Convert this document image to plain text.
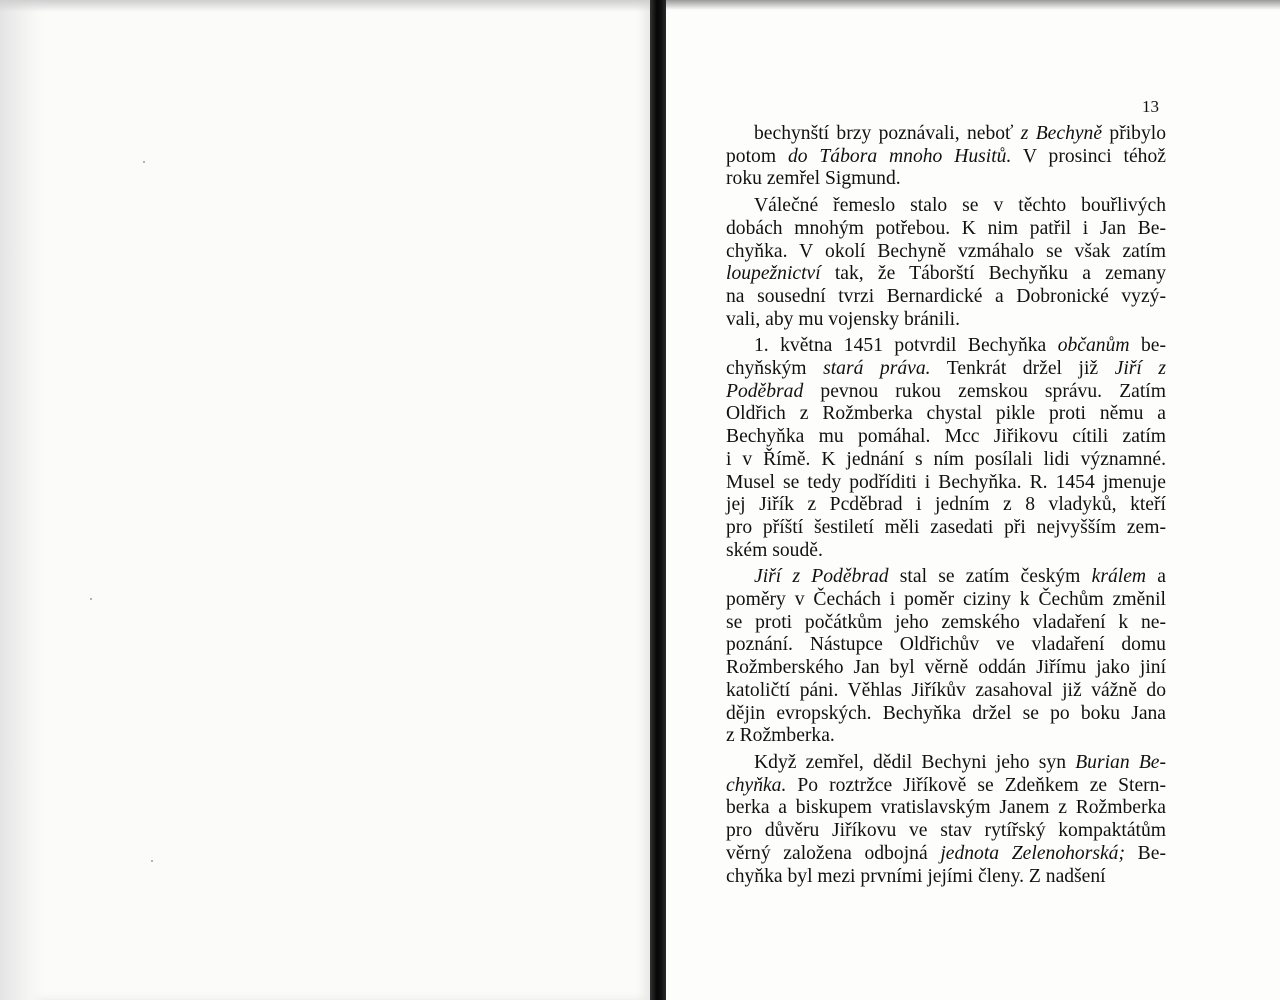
13
bechynští brzy poznávali, neboť z Bechyně přibylo
potom do Tábora mnoho Husitů. V prosinci téhož
roku zemřel Sigmund.
Válečné řemeslo stalo se v těchto bouřlivých
dobách mnohým potřebou. K nim patřil i Jan Be-
chyňka. V okolí Bechyně vzmáhalo se však zatím
loupežnictví tak, že Táborští Bechyňku a zemany
na sousední tvrzi Bernardické a Dobronické vyzý-
vali, aby mu vojensky bránili.
1. května 1451 potvrdil Bechyňka občanům be-
chyňským stará práva. Tenkrát držel již Jiří z
Poděbrad pevnou rukou zemskou správu. Zatím
Oldřich z Rožmberka chystal pikle proti němu a
Bechyňka mu pomáhal. Mcc Jiřikovu cítili zatím
i v Římě. K jednání s ním posílali lidi významné.
Musel se tedy podříditi i Bechyňka. R. 1454 jmenuje
jej Jiřík z Pcděbrad i jedním z 8 vladyků, kteří
pro příští šestiletí měli zasedati při nejvyšším zem-
ském soudě.
Jiří z Poděbrad stal se zatím českým králem a
poměry v Čechách i poměr ciziny k Čechům změnil
se proti počátkům jeho zemského vladaření k ne-
poznání. Nástupce Oldřichův ve vladaření domu
Rožmberského Jan byl věrně oddán Jiřímu jako jiní
katoličtí páni. Věhlas Jiříkův zasahoval již vážně do
dějin evropských. Bechyňka držel se po boku Jana
z Rožmberka.
Když zemřel, dědil Bechyni jeho syn Burian Be-
chyňka. Po roztržce Jiříkově se Zdeňkem ze Stern-
berka a biskupem vratislavským Janem z Rožmberka
pro důvěru Jiříkovu ve stav rytířský kompaktátům
věrný založena odbojná jednota Zelenohorská; Be-
chyňka byl mezi prvními jejími členy. Z nadšení
